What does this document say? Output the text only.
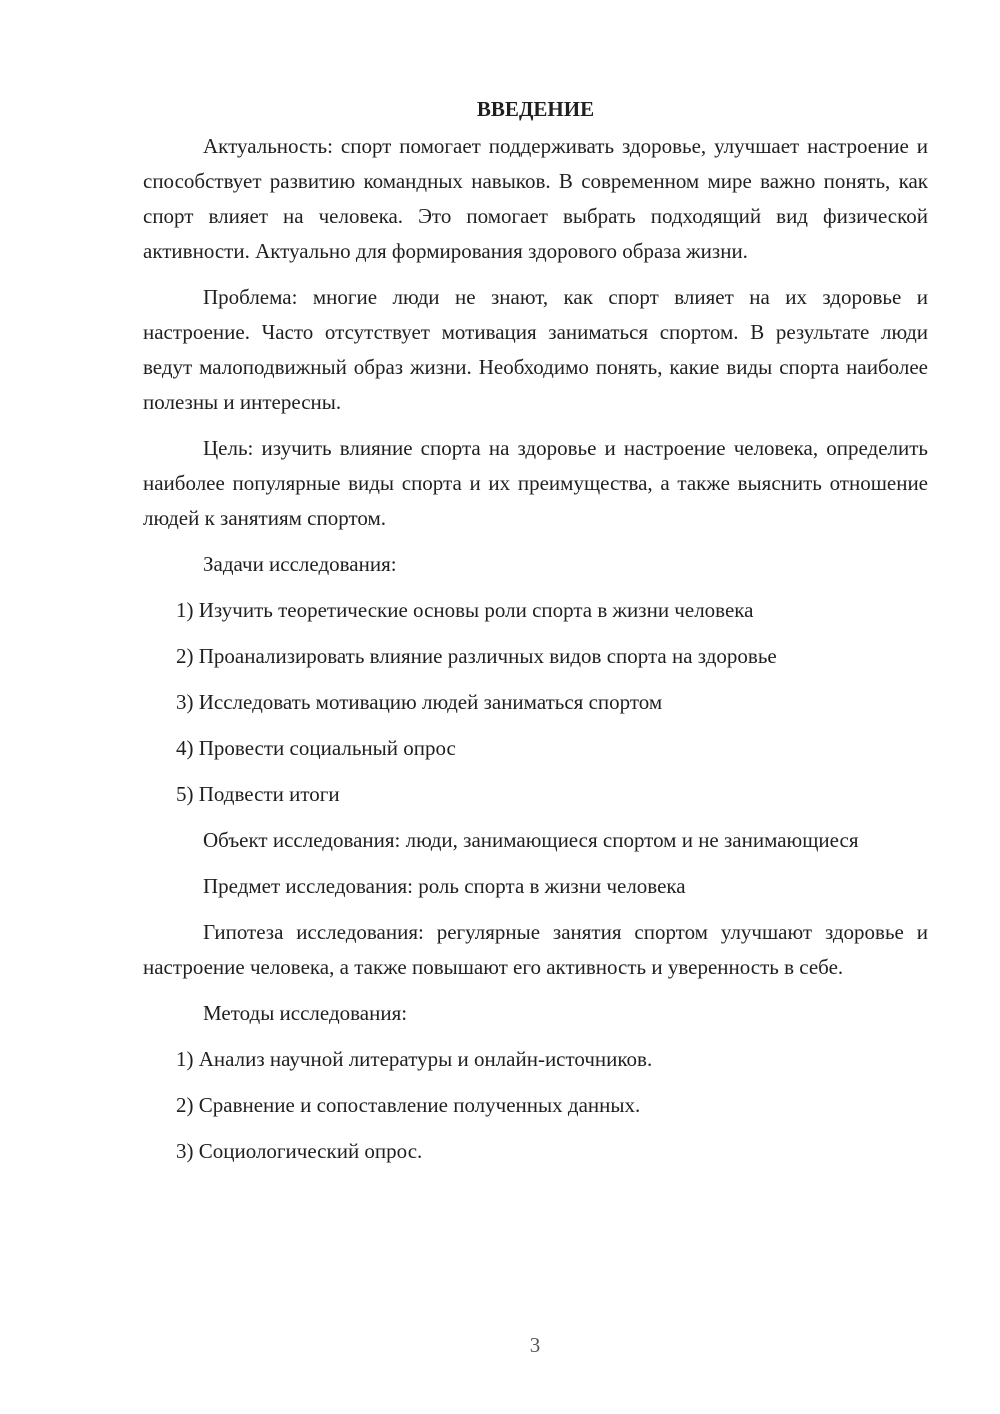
ВВЕДЕНИЕ

Актуальность: спорт помогает поддерживать здоровье, улучшает настроение и способствует развитию командных навыков. В современном мире важно понять, как спорт влияет на человека. Это помогает выбрать подходящий вид физической активности. Актуально для формирования здорового образа жизни.

Проблема: многие люди не знают, как спорт влияет на их здоровье и настроение. Часто отсутствует мотивация заниматься спортом. В результате люди ведут малоподвижный образ жизни. Необходимо понять, какие виды спорта наиболее полезны и интересны.

Цель: изучить влияние спорта на здоровье и настроение человека, определить наиболее популярные виды спорта и их преимущества, а также выяснить отношение людей к занятиям спортом.

Задачи исследования:

1) Изучить теоретические основы роли спорта в жизни человека

2) Проанализировать влияние различных видов спорта на здоровье

3) Исследовать мотивацию людей заниматься спортом

4) Провести социальный опрос

5) Подвести итоги

Объект исследования: люди, занимающиеся спортом и не занимающиеся

Предмет исследования: роль спорта в жизни человека

Гипотеза исследования: регулярные занятия спортом улучшают здоровье и настроение человека, а также повышают его активность и уверенность в себе.

Методы исследования:

1) Анализ научной литературы и онлайн-источников.

2) Сравнение и сопоставление полученных данных.

3) Социологический опрос.

3
